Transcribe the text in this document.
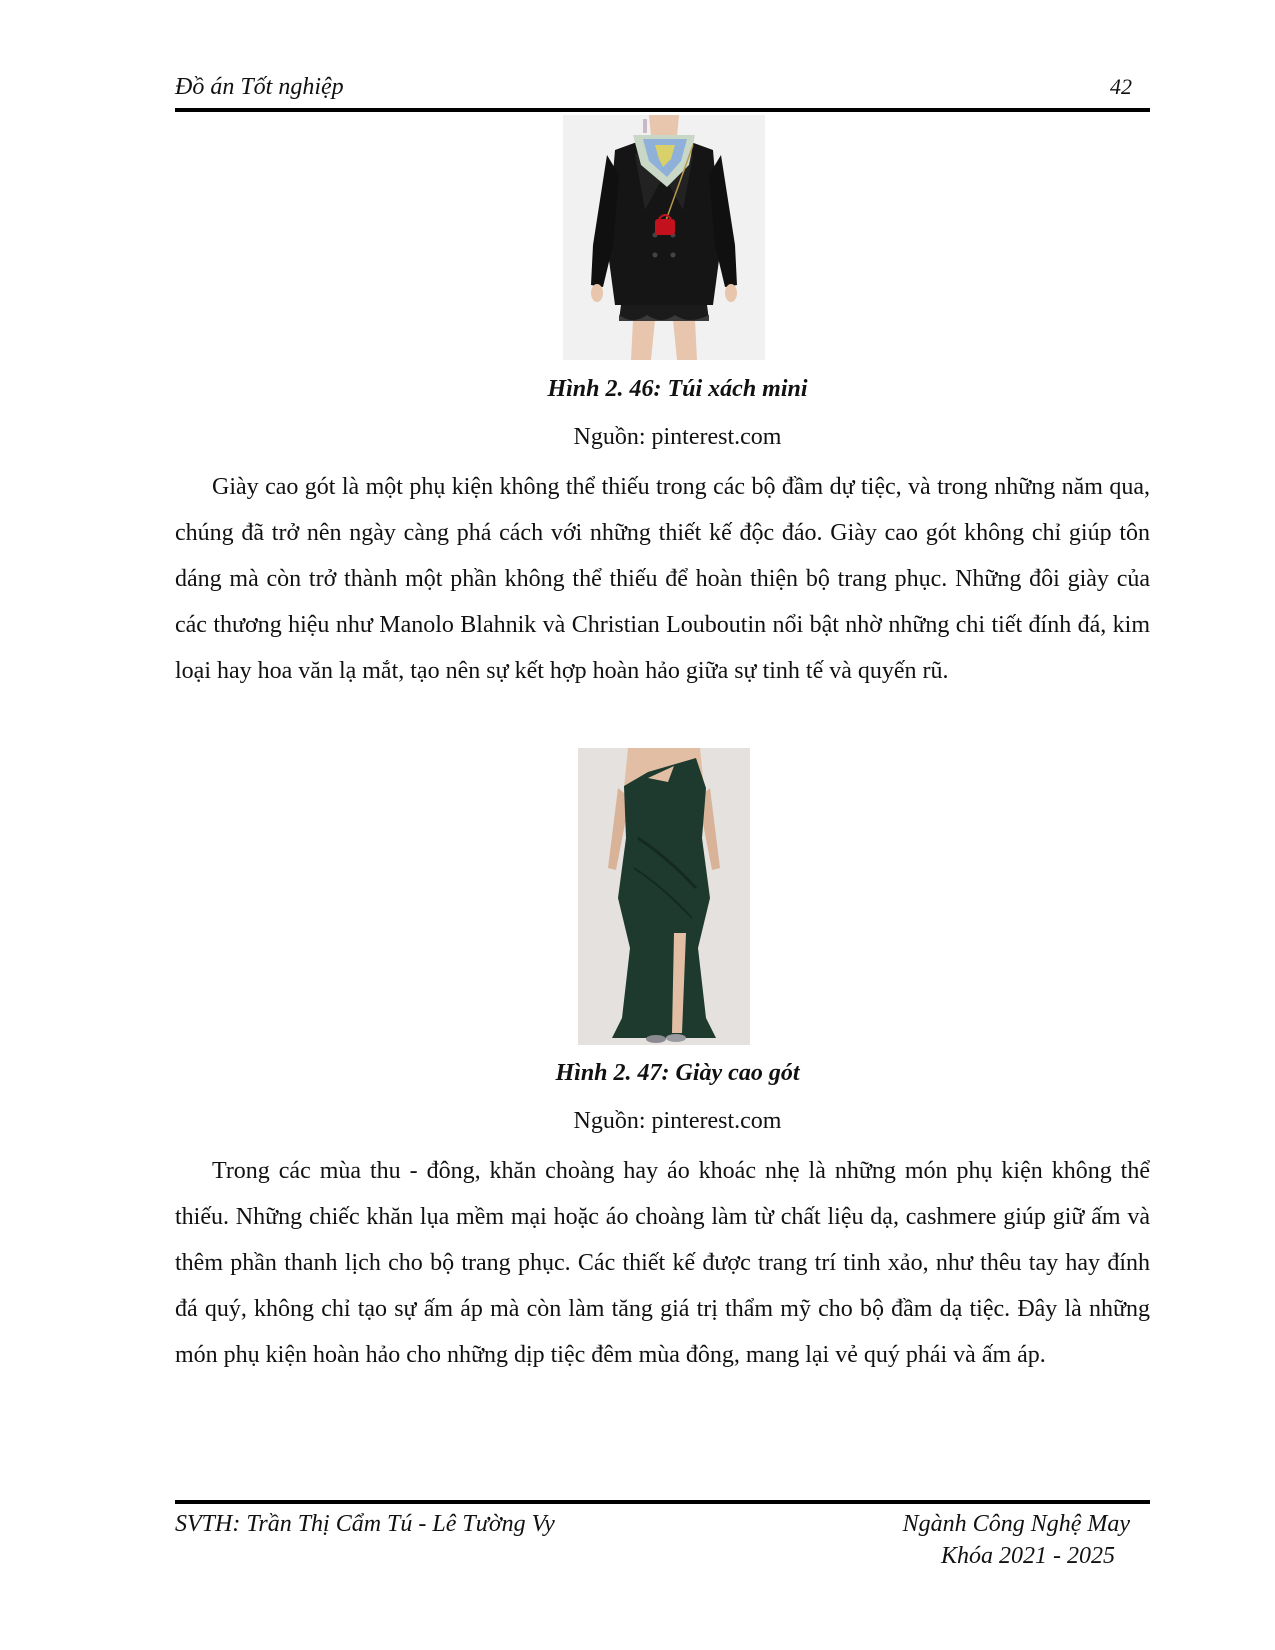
Đồ án Tốt nghiệp	42
Hình 2. 46: Túi xách mini
Nguồn: pinterest.com

Giày cao gót là một phụ kiện không thể thiếu trong các bộ đầm dự tiệc, và trong những năm qua, chúng đã trở nên ngày càng phá cách với những thiết kế độc đáo. Giày cao gót không chỉ giúp tôn dáng mà còn trở thành một phần không thể thiếu để hoàn thiện bộ trang phục. Những đôi giày của các thương hiệu như Manolo Blahnik và Christian Louboutin nổi bật nhờ những chi tiết đính đá, kim loại hay hoa văn lạ mắt, tạo nên sự kết hợp hoàn hảo giữa sự tinh tế và quyến rũ.

Hình 2. 47: Giày cao gót
Nguồn: pinterest.com

Trong các mùa thu - đông, khăn choàng hay áo khoác nhẹ là những món phụ kiện không thể thiếu. Những chiếc khăn lụa mềm mại hoặc áo choàng làm từ chất liệu dạ, cashmere giúp giữ ấm và thêm phần thanh lịch cho bộ trang phục. Các thiết kế được trang trí tinh xảo, như thêu tay hay đính đá quý, không chỉ tạo sự ấm áp mà còn làm tăng giá trị thẩm mỹ cho bộ đầm dạ tiệc. Đây là những món phụ kiện hoàn hảo cho những dịp tiệc đêm mùa đông, mang lại vẻ quý phái và ấm áp.

SVTH: Trần Thị Cẩm Tú - Lê Tường Vy	Ngành Công Nghệ May
Khóa 2021 - 2025
